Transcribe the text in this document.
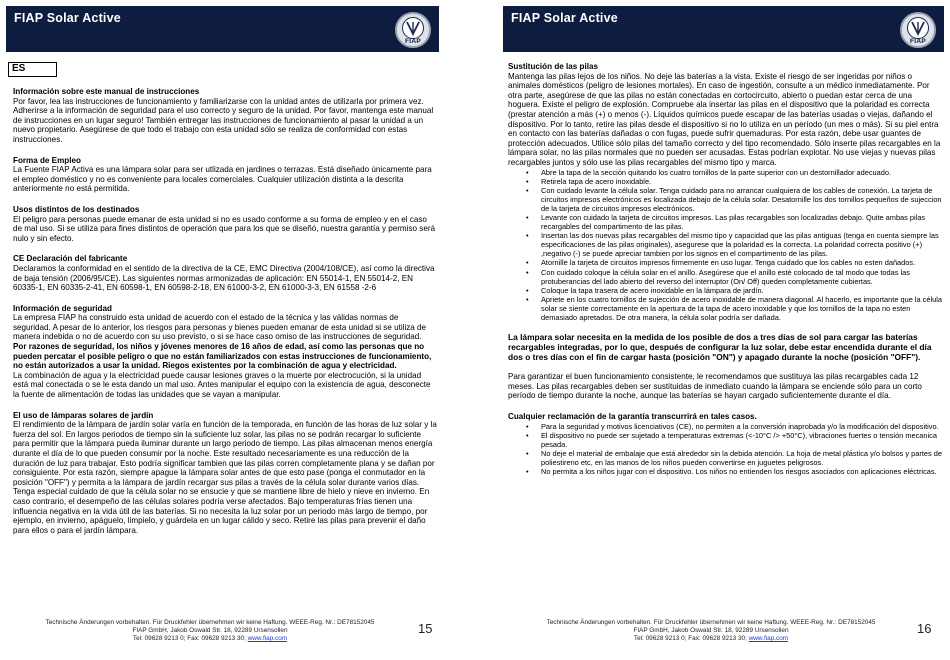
FIAP Solar Active
FIAP
ES
Información sobre este manual de instrucciones

Por favor, lea las instrucciones de funcionamiento y familiarizarse con la unidad antes de utilizarla por primera vez. Adherirse a la información de seguridad para el uso correcto y seguro de la unidad. Por favor, mantenga este manual de instrucciones en un lugar seguro! También entregar las instrucciones de funcionamiento al pasar la unidad a un nuevo propietario. Asegúrese de que todo el trabajo con esta unidad sólo se realiza de conformidad con estas instrucciones.

Forma de Empleo

La Fuente FIAP Activa es una lámpara solar para ser utlizada en jardines o terrazas. Está diseñado únicamente para el empleo doméstico y no es conveniente para locales comerciales. Cualquier utilización distinta a la descrita anteriormente no está permitida.

Usos distintos de los destinados

El peligro para personas puede emanar de esta unidad si no es usado conforme a su forma de empleo y en el caso de mal uso. Si se utiliza para fines distintos de operación que para los que se diseñó, nuestra garantía y permiso será nulo y sin efecto.

CE Declaración del fabricante

Declaramos la conformidad en el sentido de la directiva de la CE, EMC Directiva (2004/108/CE), así como la directiva de baja tensión (2006/95/CE). Las siguientes normas armonizadas de aplicación: EN 55014-1, EN 55014-2, EN 60335-1, EN 60335-2-41, EN 60598-1, EN 60598-2-18, EN 61000-3-2, EN 61000-3-3, EN 61558 -2-6

Información de seguridad

La empresa FIAP ha construido esta unidad de acuerdo con el estado de la técnica y las válidas normas de seguridad. A pesar de lo anterior, los riesgos para personas y bienes pueden emanar de esta unidad si se utiliza de manera indebida o no de acuerdo con su uso previsto, o si se hace caso omiso de las instrucciones de seguridad.

Por razones de seguridad, los niños y jóvenes menores de 16 años de edad, así como las personas que no pueden percatar el posible peligro o que no están familiarizados con estas instrucciones de funcionamiento, no están autorizados a usar la unidad. Riegos existentes por la combinación de agua y electricidad.

La combinación de agua y la electricidad puede causar lesiones graves o la muerte por electrocución, si la unidad está mal conectada o se le esta dando un mal uso. Antes manipular el equipo con la existencia de agua, desconecte la fuente de alimentación de todas las unidades que se vayan a manipular.

El uso de lámparas solares de jardín

El rendimiento de la lámpara de jardín solar varía en función de la temporada, en función de las horas de luz solar y la fuerza del sol. En largos periodos de tiempo sin la suficiente luz solar, las pilas no se podrán recargar lo suficiente para permitir que la lámpara pueda iluminar durante un largo periodo de tiempo. Las pilas almacenan menos energía durante el día de lo que pueden consumir por la noche. Este resultado necesariamente es una reducción de la duración de luz para trabajar. Esto podría significar tambien que las pilas corren completamente plana y se dañan por consiguiente. Por esta razón, siempre apague la lámpara solar antes de que esto pase (ponga el conmutador en la posición "OFF") y permita a la lámpara de jardín recargar sus pilas a través de la célula solar durante varios días. Tenga especial cuidado de que la célula solar no se ensucie y que se mantiene libre de hielo y nieve en invierno. En caso contrario, el desempeño de las células solares podría verse afectados. Bajo temperaturas frías tienen una influencia negativa en la vida útil de las baterías. Si no necesita la luz solar por un periodo más largo de tiempo, por ejemplo, en invierno, apáguelo, limpielo, y guárdela en un lugar cálido y seco. Retire las pilas para prevenir el daño para ellos o para el jardín lámpara.

Technische Änderungen vorbehalten. Für Druckfehler übernehmen wir keine Haftung. WEEE-Reg. Nr.: DE78152045
FIAP GmbH, Jakob Oswald Str. 18, 92289 Ursensollen
Tel: 09628 9213 0; Fax: 09628 9213 30; www.fiap.com
15
FIAP Solar Active
FIAP
Sustitución de las pilas

Mantenga las pilas lejos de los niños. No deje las baterías a la vista. Existe el riesgo de ser ingeridas por niños o animales domésticos (peligro de lesiones mortales). En caso de ingestión, consulte a un médico inmediatamente. Por otra parte, asegúrese de que las pilas no están conectadas en cortocircuito, abierto o puedan estar cerca de una hoguera. Existe el peligro de explosión. Compruebe ala insertar las pilas en el dispositivo que la polaridad es correcta (prestar atención a más (+) o menos (-). Líquidos químicos puede escapar de las baterías usadas o viejas, dañando el dispositivo. Por lo tanto, retire las pilas desde el dispositivo si no lo utiliza en un período (un mes o más). Si su piel entra en contacto con las baterías dañadas o con fugas, puede sufrir quemaduras. Por esta razón, debe usar guantes de protección adecuados. Utilice sólo pilas del tamaño correcto y del tipo recomendado. Sólo inserte pilas recargables en la lámpara solar, no las pilas normales que no pueden ser acusadas. Estas podrían explotar. No use viejas y nuevas pilas recargables juntos y sólo use las pilas recargables del mismo tipo y marca.

• Abre la tapa de la sección quitando los cuatro tornillos de la parte superior con un destornillador adecuado.
• Retirela tapa de acero inoxidable.
• Con cuidado levante la célula solar. Tenga cuidado para no arrancar cualquiera de los cables de conexión. La tarjeta de circuitos impresos electrónicos es localizada debajo de la célula solar. Desatornille los dos tornillos pequeños de sujeccion de la tarjeta de circuitos impresos electrónicos.
• Levante con cuidado la tarjeta de circuitos impresos. Las pilas recargables son localizadas debajo. Quite ambas pilas recargables del compartimento de las pilas.
• Insertan las dos nuevas pilas recargables del mismo tipo y capacidad que las pilas antiguas (tenga en cuenta siempre las especificaciones de las pilas originales), asegurese que la polaridad es la correcta. La polaridad correcta positivo (+) ,negativo (-) se puede apreciar tambien por los signos en el compartimento de las pilas.
• Atornille la tarjeta de circuitos impresos firmemente en uso lugar. Tenga cuidado que los cables no esten dañados.
• Con cuidado coloque la célula solar en el anillo. Asegúrese que el anillo esté colocado de tal modo que todas las protuberancias del lado abierto del reverso del interruptor (On/ Off) queden completamente cubiertas.
• Coloque la tapa trasera de acero inoxidable en la lámpara de jardín.
• Apriete en los cuatro tornillos de sujección de acero inoxidable de manera diagonal. Al hacerlo, es importante que la célula solar se siente correctamente en la apertura de la tapa de acero inoxidable y que los tornillos de la tapa no esten demasiado apretados. De otra manera, la célula solar podría ser dañada.

La lámpara solar necesita en la medida de los posible de dos a tres días de sol para cargar las baterías recargables integradas, por lo que, después de configurar la luz solar, debe estar encendida durante el día dos o tres días con el fin de cargar hasta (posición "ON") y apagado durante la noche (posición "OFF").

Para garantizar el buen funcionamiento consistente, le recomendamos que sustituya las pilas recargables cada 12 meses. Las pilas recargables deben ser sustituidas de inmediato cuando la lámpara se enciende sólo para un corto período de tiempo durante la noche, aunque las baterías se hayan cargado suficientemente durante el día.

Cualquier reclamación de la garantía transcurrirá en tales casos.
• Para la seguridad y motivos licenciativos (CE), no permiten a la conversión inaprobada y/o la modificación del dispositivo.
• El dispositivo no puede ser sujetado a temperaturas extremas (<-10°C /> +50°C), vibraciones fuertes o tensión mecanica pesada.
• No deje el material de embalaje que está alrededor sin la debida atención. La hoja de metal plástica y/o bolsos y partes de poliestireno etc, en las manos de los niños pueden convertirse en juguetes peligrosos.
• No permita a los niños jugar con el dispositivo. Los niños no entienden los riesgos asociados con aplicaciones eléctricas.
Technische Änderungen vorbehalten. Für Druckfehler übernehmen wir keine Haftung. WEEE-Reg. Nr.: DE78152045
FIAP GmbH, Jakob Oswald Str. 18, 92289 Ursensollen
Tel: 09628 9213 0; Fax: 09628 9213 30; www.fiap.com
16
